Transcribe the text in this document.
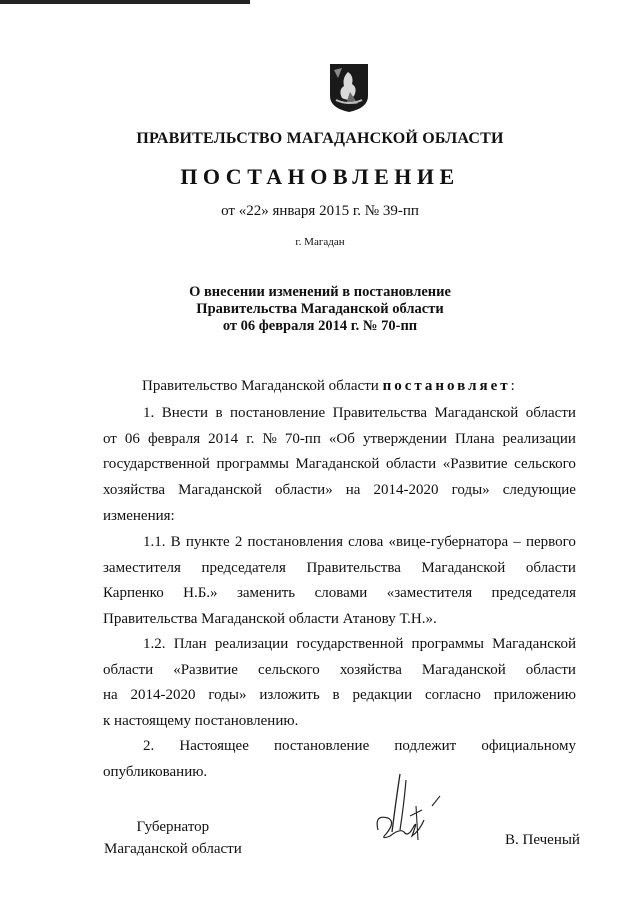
ПРАВИТЕЛЬСТВО МАГАДАНСКОЙ ОБЛАСТИ
ПОСТАНОВЛЕНИЕ
от «22» января 2015 г. № 39-пп
г. Магадан
О внесении изменений в постановление
Правительства Магаданской области
от 06 февраля 2014 г. № 70-пп
Правительство Магаданской области постановляет:
1. Внести в постановление Правительства Магаданской области
от 06 февраля 2014 г. № 70-пп «Об утверждении Плана реализации
государственной программы Магаданской области «Развитие сельского
хозяйства Магаданской области» на 2014-2020 годы» следующие
изменения:
1.1. В пункте 2 постановления слова «вице-губернатора – первого
заместителя председателя Правительства Магаданской области
Карпенко Н.Б.» заменить словами «заместителя председателя
Правительства Магаданской области Атанову Т.Н.».
1.2. План реализации государственной программы Магаданской
области «Развитие сельского хозяйства Магаданской области
на 2014-2020 годы» изложить в редакции согласно приложению
к настоящему постановлению.
2. Настоящее постановление подлежит официальному
опубликованию.
Губернатор
Магаданской области
В. Печеный
